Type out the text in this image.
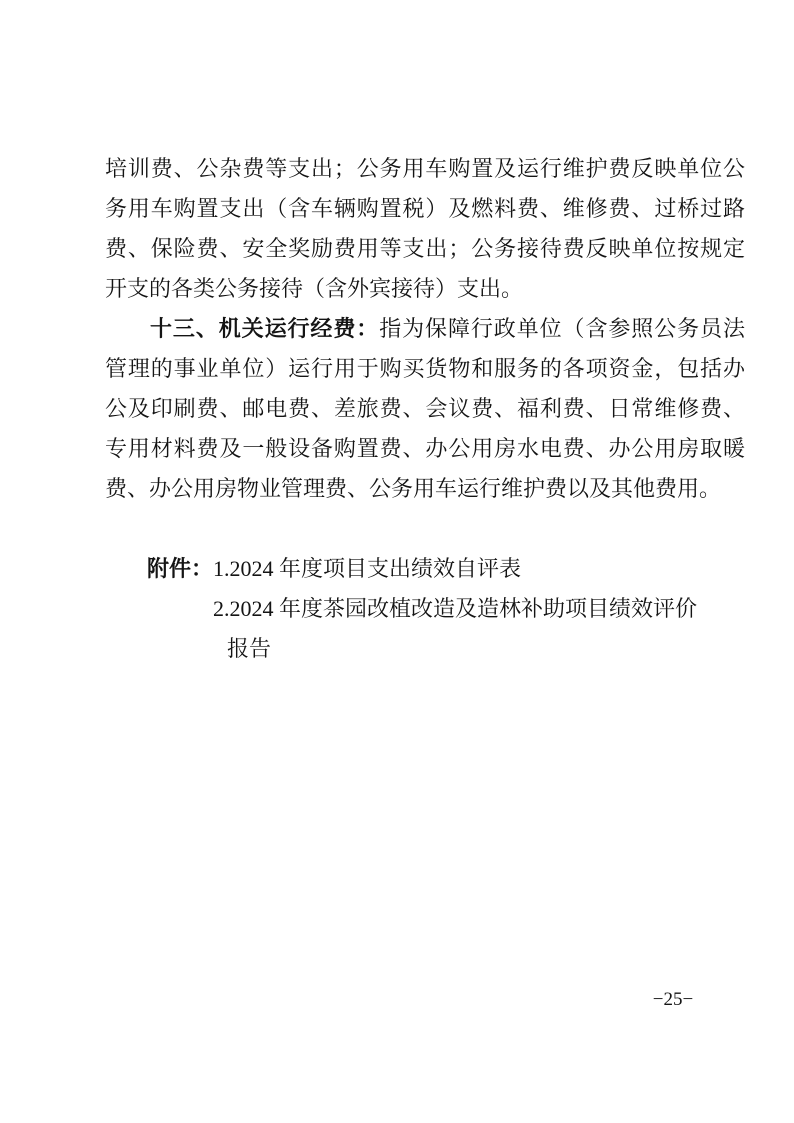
培训费、公杂费等支出；公务用车购置及运行维护费反映单位公
务用车购置支出（含车辆购置税）及燃料费、维修费、过桥过路
费、保险费、安全奖励费用等支出；公务接待费反映单位按规定
开支的各类公务接待（含外宾接待）支出。
十三、机关运行经费：指为保障行政单位（含参照公务员法
管理的事业单位）运行用于购买货物和服务的各项资金，包括办
公及印刷费、邮电费、差旅费、会议费、福利费、日常维修费、
专用材料费及一般设备购置费、办公用房水电费、办公用房取暖
费、办公用房物业管理费、公务用车运行维护费以及其他费用。
附件：1.2024 年度项目支出绩效自评表
2.2024 年度茶园改植改造及造林补助项目绩效评价
报告
−25−
